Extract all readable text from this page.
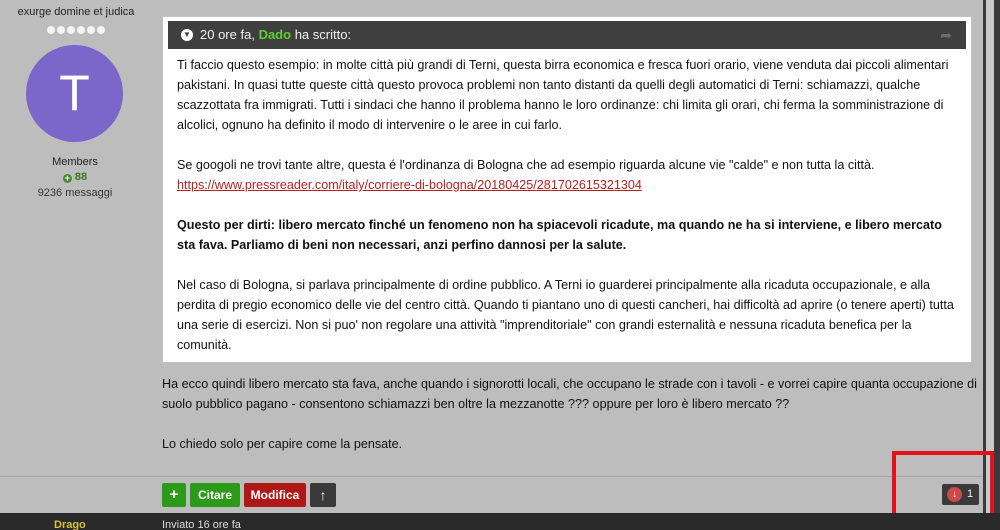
exurge domine et judica
T
Members
+ 88
9236 messaggi
▼ 20 ore fa, Dado ha scritto:	➦

Ti faccio questo esempio: in molte città più grandi di Terni, questa birra economica e fresca fuori orario, viene venduta dai piccoli alimentari pakistani. In quasi tutte queste città questo provoca problemi non tanto distanti da quelli degli automatici di Terni: schiamazzi, qualche scazzottata fra immigrati. Tutti i sindaci che hanno il problema hanno le loro ordinanze: chi limita gli orari, chi ferma la somministrazione di alcolici, ognuno ha definito il modo di intervenire o le aree in cui farlo.

Se googoli ne trovi tante altre, questa é l'ordinanza di Bologna che ad esempio riguarda alcune vie "calde" e non tutta la città.

https://www.pressreader.com/italy/corriere-di-bologna/20180425/281702615321304

Questo per dirti: libero mercato finché un fenomeno non ha spiacevoli ricadute, ma quando ne ha si interviene, e libero mercato sta fava. Parliamo di beni non necessari, anzi perfino dannosi per la salute.

Nel caso di Bologna, si parlava principalmente di ordine pubblico. A Terni io guarderei principalmente alla ricaduta occupazionale, e alla perdita di pregio economico delle vie del centro città. Quando ti piantano uno di questi cancheri, hai difficoltà ad aprire (o tenere aperti) tutta una serie di esercizi. Non si puo' non regolare una attività "imprenditoriale" con grandi esternalità e nessuna ricaduta benefica per la comunità.

Ha ecco quindi libero mercato sta fava, anche quando i signorotti locali, che occupano le strade con i tavoli - e vorrei capire quanta occupazione di suolo pubblico pagano - consentono schiamazzi ben oltre la mezzanotte ??? oppure per loro è libero mercato ??

Lo chiedo solo per capire come la pensate.

+	Citare	Modifica	↑	↓ 1
Drago	Inviato 16 ore fa
